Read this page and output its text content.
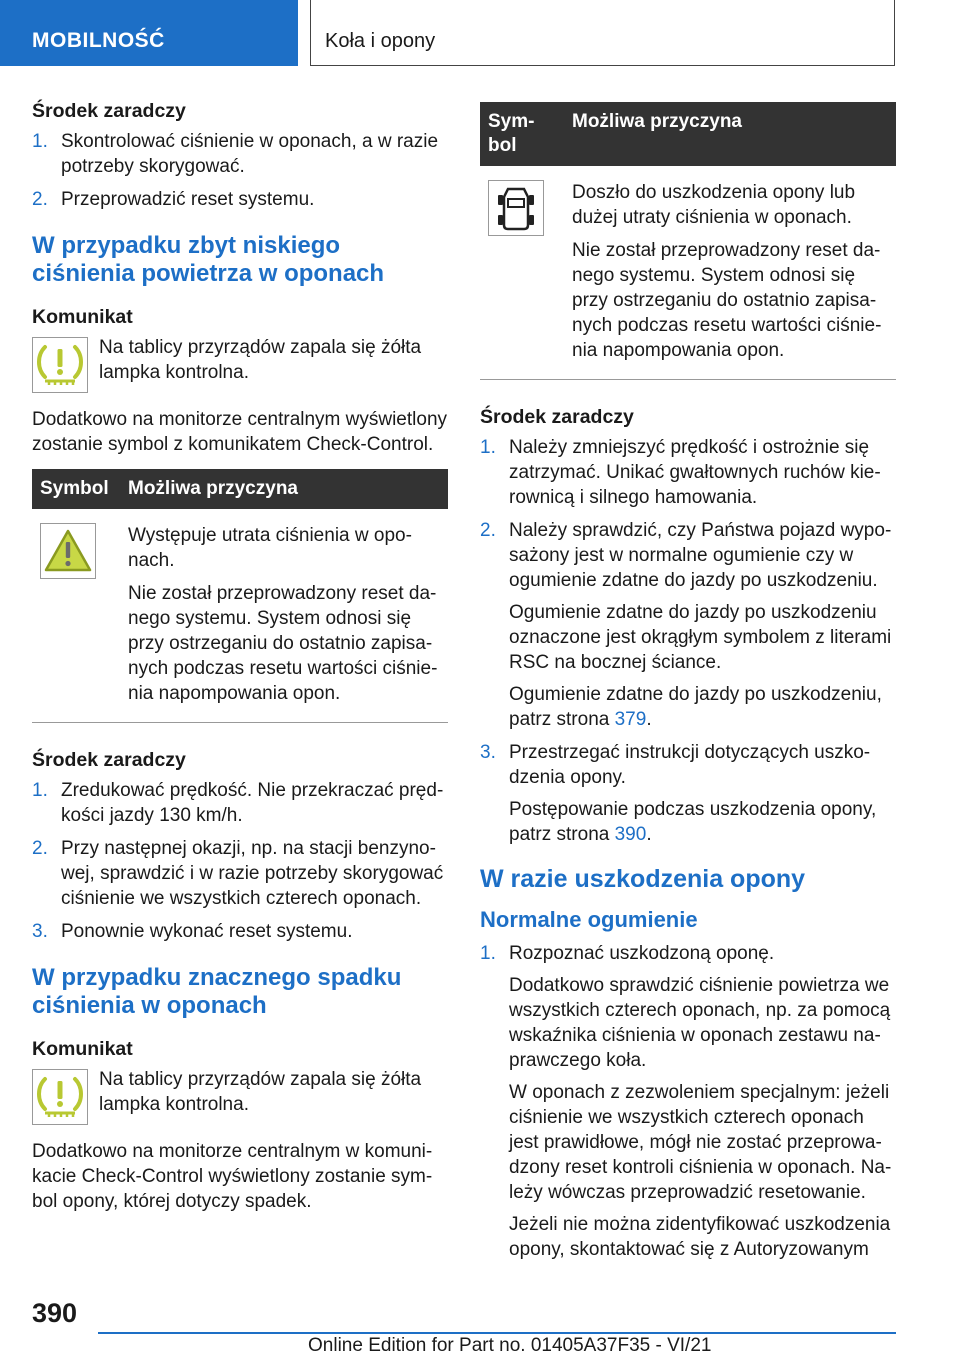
MOBILNOŚĆ	Koła i opony
Środek zaradczy
1. Skontrolować ciśnienie w oponach, a w razie potrzeby skorygować.
2. Przeprowadzić reset systemu.
W przypadku zbyt niskiego ciśnienia powietrza w oponach
Komunikat
Na tablicy przyrządów zapala się żółta lampka kontrolna.
Dodatkowo na monitorze centralnym wyświetlony zostanie symbol z komunikatem Check-Control.
Symbol	Możliwa przyczyna

Występuje utrata ciśnienia w oponach.

Nie został przeprowadzony reset danego systemu. System odnosi się przy ostrzeganiu do ostatnio zapisanych podczas resetu wartości ciśnienia napompowania opon.

Środek zaradczy
1. Zredukować prędkość. Nie przekraczać prędkości jazdy 130 km/h.
2. Przy następnej okazji, np. na stacji benzynowej, sprawdzić i w razie potrzeby skorygować ciśnienie we wszystkich czterech oponach.
3. Ponownie wykonać reset systemu.
W przypadku znacznego spadku ciśnienia w oponach
Komunikat
Na tablicy przyrządów zapala się żółta lampka kontrolna.
Dodatkowo na monitorze centralnym w komunikacie Check-Control wyświetlony zostanie symbol opony, której dotyczy spadek.
Symbol	Możliwa przyczyna

Doszło do uszkodzenia opony lub dużej utraty ciśnienia w oponach.

Nie został przeprowadzony reset danego systemu. System odnosi się przy ostrzeganiu do ostatnio zapisanych podczas resetu wartości ciśnienia napompowania opon.

Środek zaradczy
1. Należy zmniejszyć prędkość i ostrożnie się zatrzymać. Unikać gwałtownych ruchów kierownicą i silnego hamowania.
2. Należy sprawdzić, czy Państwa pojazd wyposażony jest w normalne ogumienie czy w ogumienie zdatne do jazdy po uszkodzeniu.

Ogumienie zdatne do jazdy po uszkodzeniu oznaczone jest okrągłym symbolem z literami RSC na bocznej ściance.

Ogumienie zdatne do jazdy po uszkodzeniu, patrz strona 379.

3. Przestrzegać instrukcji dotyczących uszkodzenia opony.

Postępowanie podczas uszkodzenia opony, patrz strona 390.

W razie uszkodzenia opony
Normalne ogumienie
1. Rozpoznać uszkodzoną oponę.

Dodatkowo sprawdzić ciśnienie powietrza we wszystkich czterech oponach, np. za pomocą wskaźnika ciśnienia w oponach zestawu naprawczego koła.

W oponach z zezwoleniem specjalnym: jeżeli ciśnienie we wszystkich czterech oponach jest prawidłowe, mógł nie zostać przeprowadzony reset kontroli ciśnienia w oponach. Należy wówczas przeprowadzić resetowanie.

Jeżeli nie można zidentyfikować uszkodzenia opony, skontaktować się z Autoryzowanym

390
Online Edition for Part no. 01405A37F35 - VI/21
